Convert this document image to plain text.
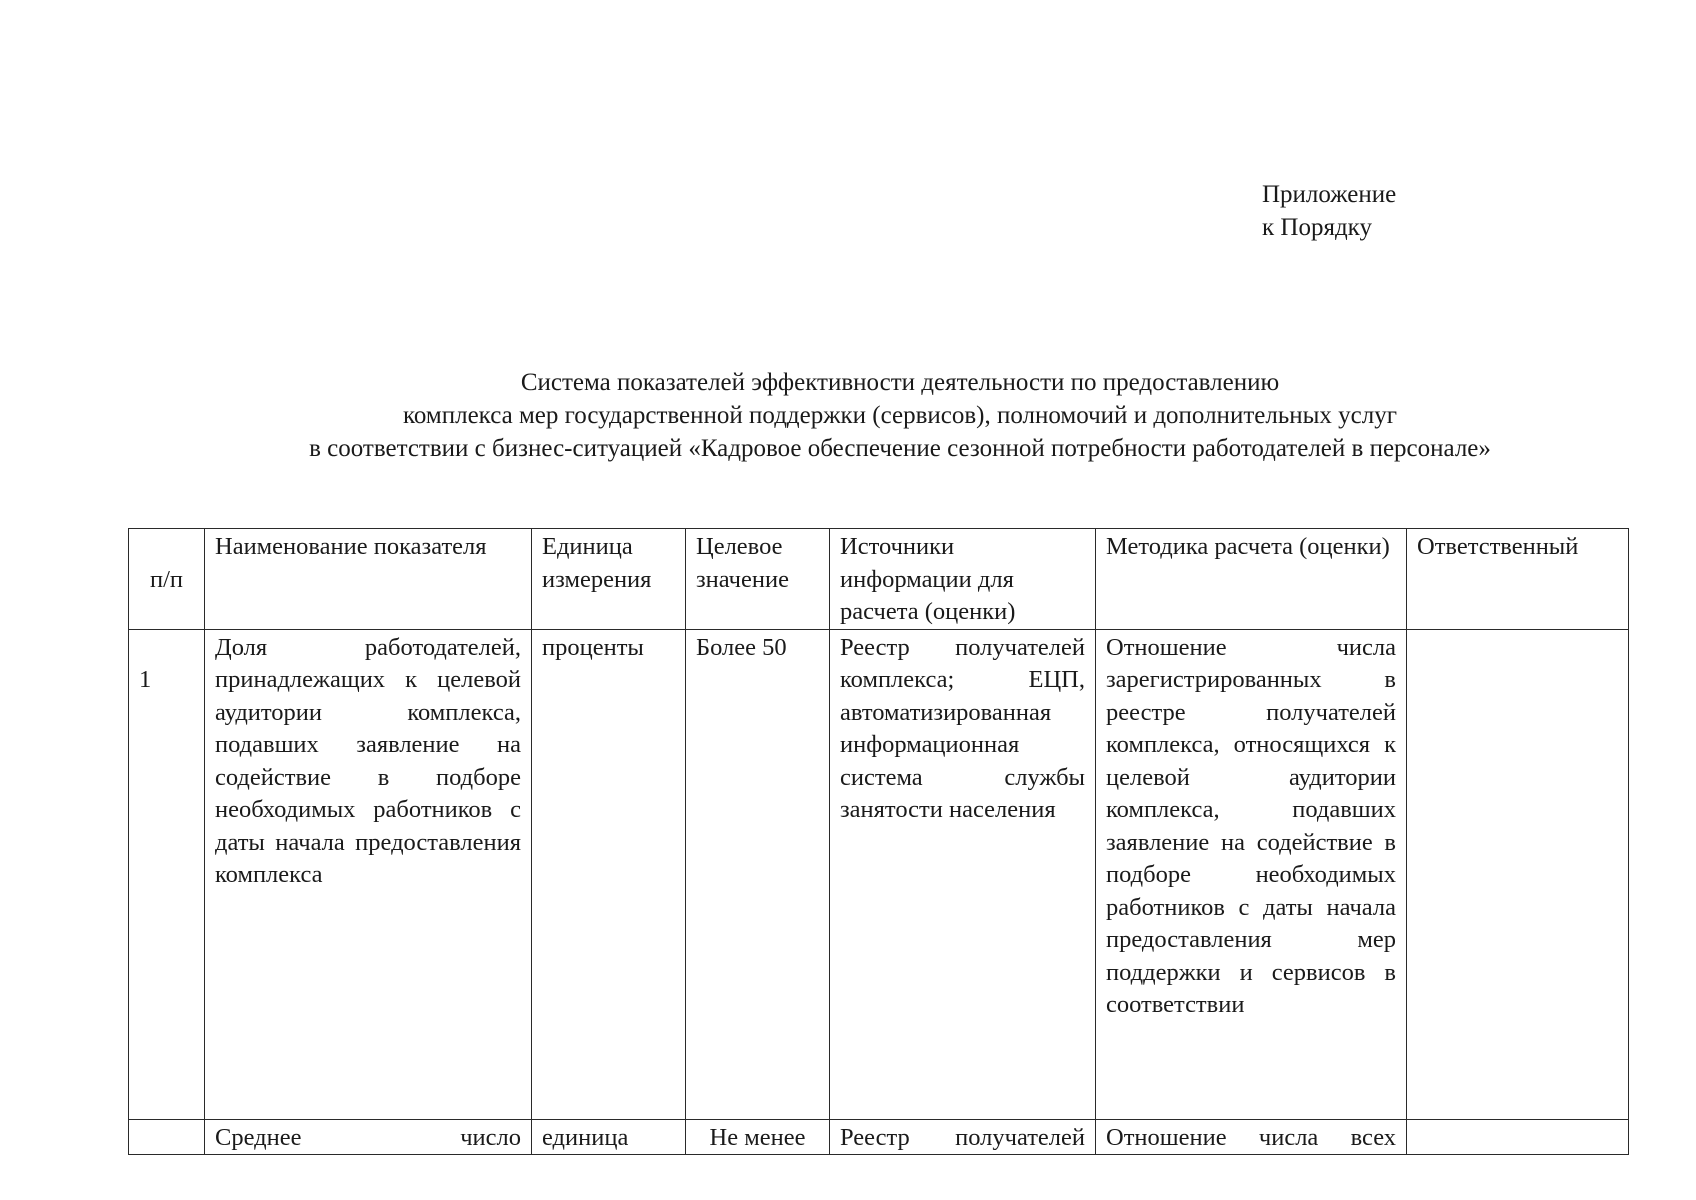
Приложение
к Порядку
Система показателей эффективности деятельности по предоставлению
комплекса мер государственной поддержки (сервисов), полномочий и дополнительных услуг
в соответствии с бизнес-ситуацией «Кадровое обеспечение сезонной потребности работодателей в персонале»
п/п	Наименование показателя	Единица измерения	Целевое значение	Источники информации для расчета (оценки)	Методика расчета (оценки)	Ответственный
1	Доля работодателей, принадлежащих к целевой аудитории комплекса, подавших заявление на содействие в подборе необходимых работников с даты начала предоставления комплекса	проценты	Более 50	Реестр получателей комплекса; ЕЦП, автоматизированная информационная система службы занятости населения	Отношение числа зарегистрированных в реестре получателей комплекса, относящихся к целевой аудитории комплекса, подавших заявление на содействие в подборе необходимых работников с даты начала предоставления мер поддержки и сервисов в соответствии	
	Среднее число	единица	Не менее	Реестр получателей	Отношение числа всех	
